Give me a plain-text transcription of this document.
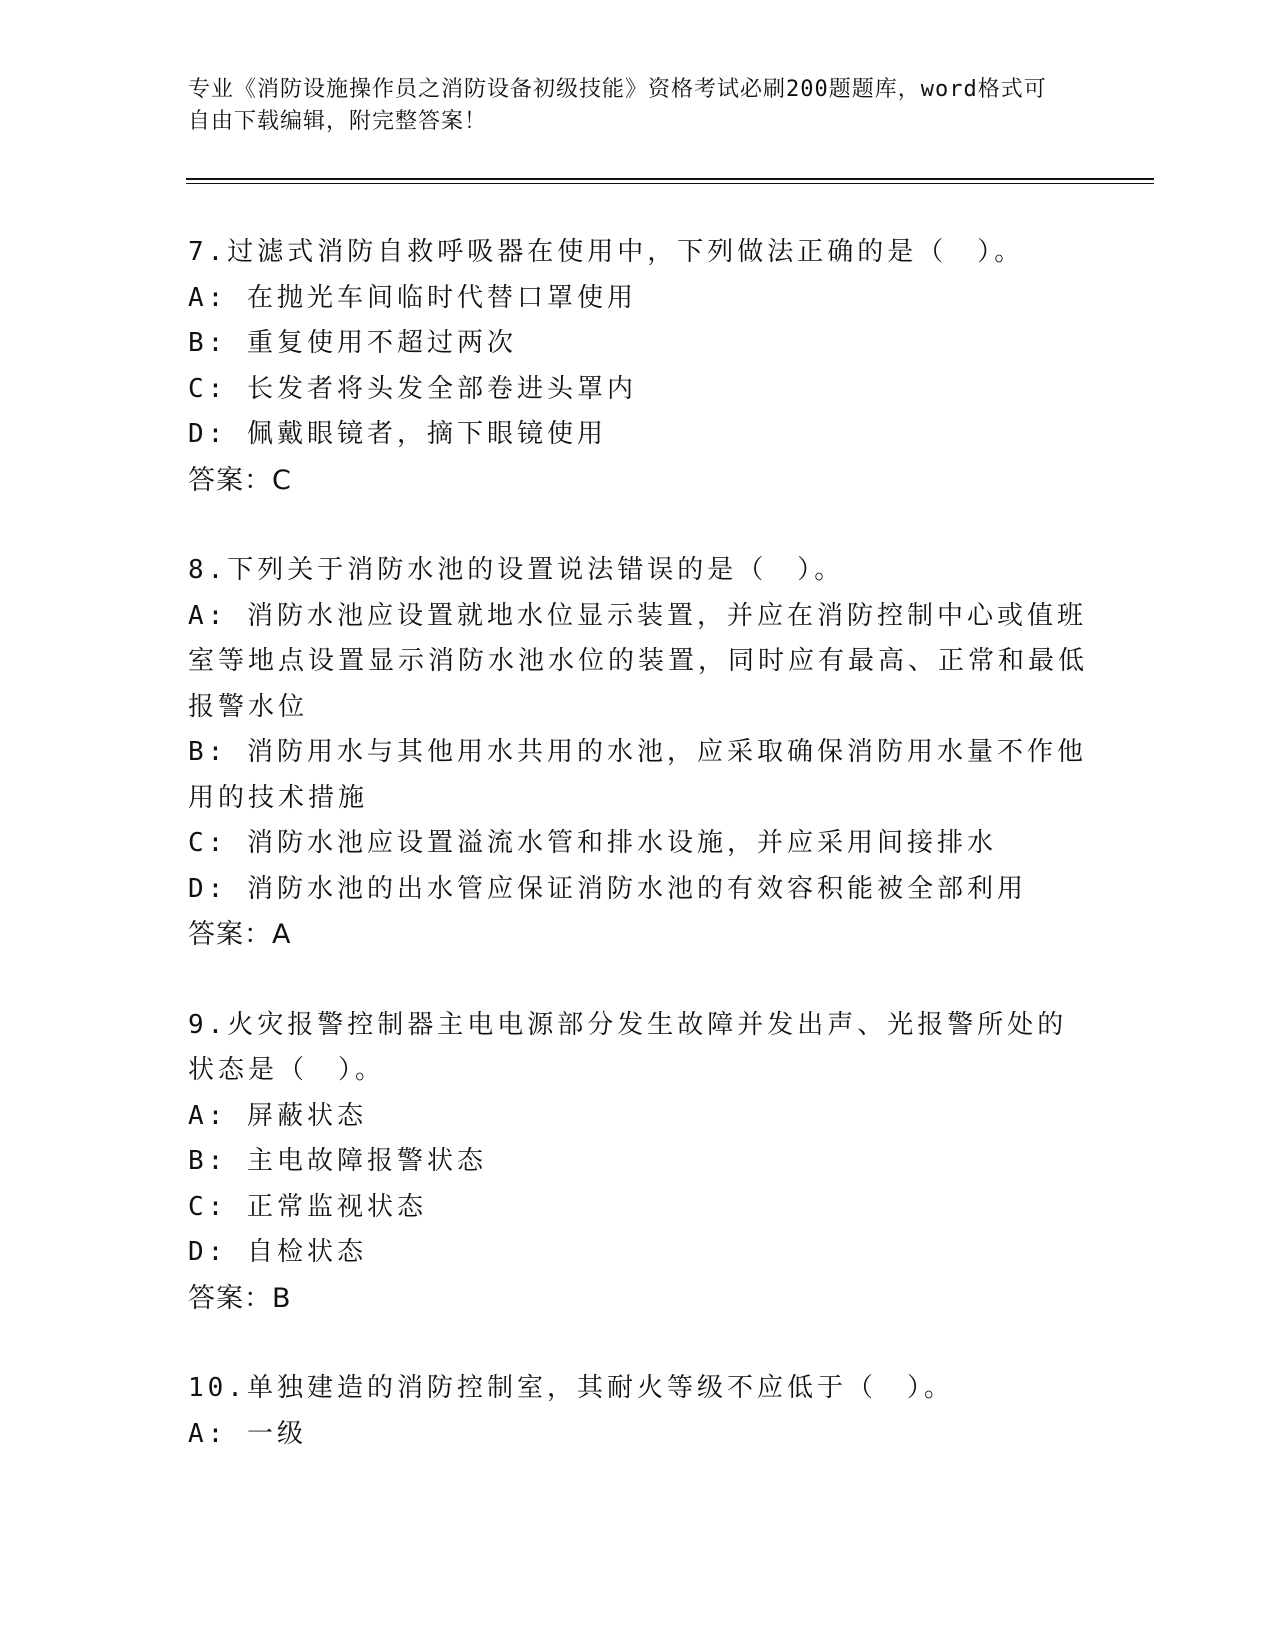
专业《消防设施操作员之消防设备初级技能》资格考试必刷200题题库，word格式可自由下载编辑，附完整答案！
7.过滤式消防自救呼吸器在使用中，下列做法正确的是（　）。
A: 在抛光车间临时代替口罩使用
B: 重复使用不超过两次
C: 长发者将头发全部卷进头罩内
D: 佩戴眼镜者，摘下眼镜使用
答案：C
8.下列关于消防水池的设置说法错误的是（　）。
A: 消防水池应设置就地水位显示装置，并应在消防控制中心或值班室等地点设置显示消防水池水位的装置，同时应有最高、正常和最低报警水位
B: 消防用水与其他用水共用的水池，应采取确保消防用水量不作他用的技术措施
C: 消防水池应设置溢流水管和排水设施，并应采用间接排水
D: 消防水池的出水管应保证消防水池的有效容积能被全部利用
答案：A
9.火灾报警控制器主电电源部分发生故障并发出声、光报警所处的状态是（　）。
A: 屏蔽状态
B: 主电故障报警状态
C: 正常监视状态
D: 自检状态
答案：B
10.单独建造的消防控制室，其耐火等级不应低于（　）。
A: 一级
